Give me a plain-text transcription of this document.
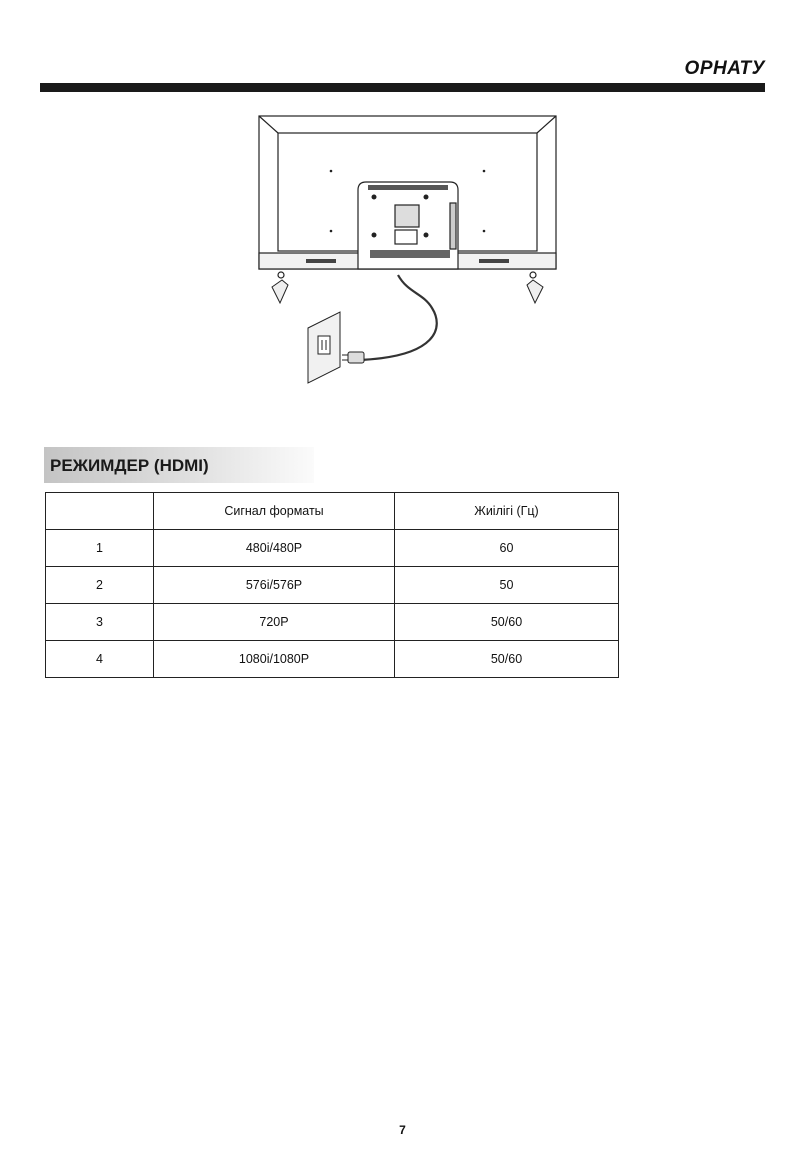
ОРНАТУ
РЕЖИМДЕР (HDMI)
	Сигнал форматы	Жиілігі (Гц)
1	480i/480P	60
2	576i/576P	50
3	720P	50/60
4	1080i/1080P	50/60
7
